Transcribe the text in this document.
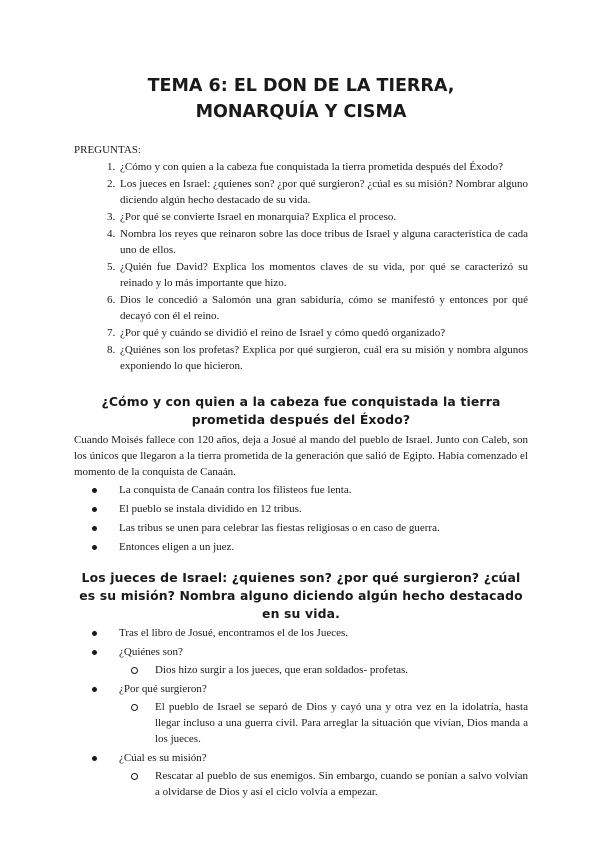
TEMA 6: EL DON DE LA TIERRA,
MONARQUÍA Y CISMA
PREGUNTAS:
1. ¿Cómo y con quien a la cabeza fue conquistada la tierra prometida después del Éxodo?
2. Los jueces en Israel: ¿quienes son? ¿por qué surgieron? ¿cúal es su misión? Nombrar alguno diciendo algún hecho destacado de su vida.
3. ¿Por qué se convierte Israel en monarquía? Explica el proceso.
4. Nombra los reyes que reinaron sobre las doce tribus de Israel y alguna característica de cada uno de ellos.
5. ¿Quién fue David? Explica los momentos claves de su vida, por qué se caracterizó su reinado y lo más importante que hizo.
6. Dios le concedió a Salomón una gran sabiduría, cómo se manifestó y entonces por qué decayó con él el reino.
7. ¿Por qué y cuándo se dividió el reino de Israel y cómo quedó organizado?
8. ¿Quiénes son los profetas? Explica por qué surgieron, cuál era su misión y nombra algunos exponiendo lo que hicieron.
¿Cómo y con quien a la cabeza fue conquistada la tierra prometida después del Éxodo?

Cuando Moisés fallece con 120 años, deja a Josué al mando del pueblo de Israel. Junto con Caleb, son los únicos que llegaron a la tierra prometida de la generación que salió de Egipto. Había comenzado el momento de la conquista de Canaán.

La conquista de Canaán contra los filisteos fue lenta.
El pueblo se instala dividido en 12 tribus.
Las tribus se unen para celebrar las fiestas religiosas o en caso de guerra.
Entonces eligen a un juez.
Los jueces de Israel: ¿quienes son? ¿por qué surgieron? ¿cúal es su misión? Nombra alguno diciendo algún hecho destacado en su vida.
Tras el libro de Josué, encontramos el de los Jueces.
¿Quiénes son?
Dios hizo surgir a los jueces, que eran soldados- profetas.
¿Por qué surgieron?
El pueblo de Israel se separó de Dios y cayó una y otra vez en la idolatría, hasta llegar incluso a una guerra civil. Para arreglar la situación que vivían, Dios manda a los jueces.
¿Cúal es su misión?
Rescatar al pueblo de sus enemigos. Sin embargo, cuando se ponían a salvo volvían a olvidarse de Dios y así el ciclo volvía a empezar.
